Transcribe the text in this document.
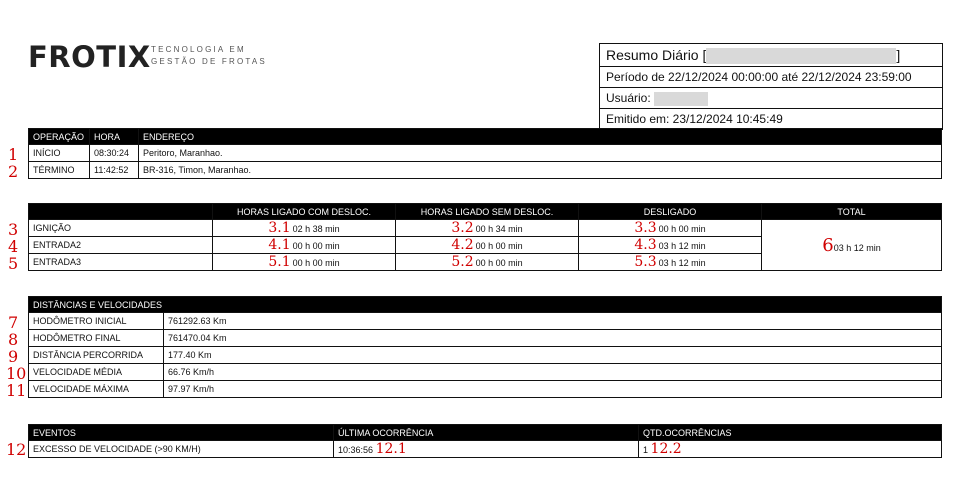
FROTIX TECNOLOGIA EM
GESTÃO DE FROTAS	Resumo Diário [	]
Período de 22/12/2024 00:00:00 até 22/12/2024 23:59:00
Usuário:
Emitido em: 23/12/2024 10:45:49
1
2
OPERAÇÃO	HORA	ENDEREÇO
INÍCIO	08:30:24	Peritoro, Maranhao.
TÉRMINO	11:42:52	BR-316, Timon, Maranhao.
3
4
5
	HORAS LIGADO COM DESLOC.	HORAS LIGADO SEM DESLOC.	DESLIGADO	TOTAL
IGNIÇÃO	3.1 02 h 38 min	3.2 00 h 34 min	3.3 00 h 00 min	603 h 12 min
ENTRADA2	4.1 00 h 00 min	4.2 00 h 00 min	4.3 03 h 12 min	
ENTRADA3	5.1 00 h 00 min	5.2 00 h 00 min	5.3 03 h 12 min	
7
8
9
10
11
DISTÂNCIAS E VELOCIDADES	
HODÔMETRO INICIAL	761292.63 Km
HODÔMETRO FINAL	761470.04 Km
DISTÂNCIA PERCORRIDA	177.40 Km
VELOCIDADE MÉDIA	66.76 Km/h
VELOCIDADE MÁXIMA	97.97 Km/h
12
EVENTOS	ÚLTIMA OCORRÊNCIA	QTD.OCORRÊNCIAS
EXCESSO DE VELOCIDADE (>90 KM/H)	10:36:56 12.1	1 12.2
